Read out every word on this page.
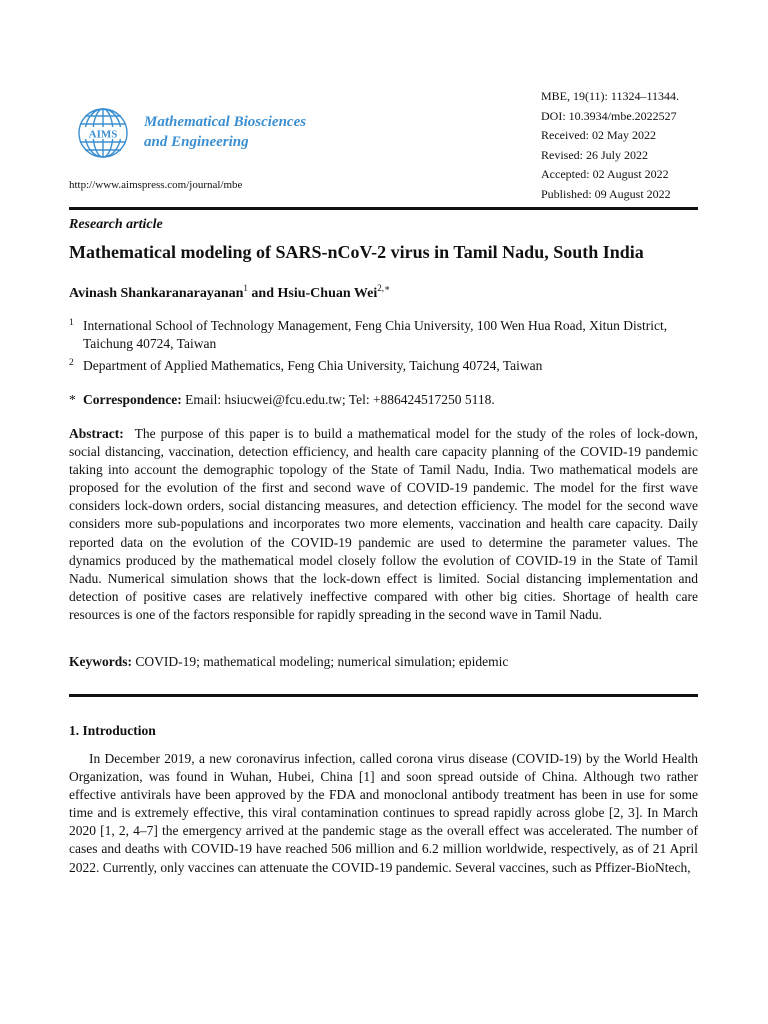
AIMS
Mathematical Biosciences
and Engineering
http://www.aimspress.com/journal/mbe
MBE, 19(11): 11324–11344.
DOI: 10.3934/mbe.2022527
Received: 02 May 2022
Revised: 26 July 2022
Accepted: 02 August 2022
Published: 09 August 2022
Research article
Mathematical modeling of SARS-nCoV-2 virus in Tamil Nadu, South India
Avinash Shankaranarayanan$^1$ and Hsiu-Chuan Wei$^{2,∗}$
1 International School of Technology Management, Feng Chia University, 100 Wen Hua Road, Xitun District, Taichung 40724, Taiwan
2 Department of Applied Mathematics, Feng Chia University, Taichung 40724, Taiwan
* Correspondence: Email: hsiucwei@fcu.edu.tw; Tel: +886424517250 5118.
Abstract: The purpose of this paper is to build a mathematical model for the study of the roles of lock-down, social distancing, vaccination, detection efficiency, and health care capacity planning of the COVID-19 pandemic taking into account the demographic topology of the State of Tamil Nadu, India. Two mathematical models are proposed for the evolution of the first and second wave of COVID-19 pandemic. The model for the first wave considers lock-down orders, social distancing measures, and detection efficiency. The model for the second wave considers more sub-populations and incorporates two more elements, vaccination and health care capacity. Daily reported data on the evolution of the COVID-19 pandemic are used to determine the parameter values. The dynamics produced by the mathematical model closely follow the evolution of COVID-19 in the State of Tamil Nadu. Numerical simulation shows that the lock-down effect is limited. Social distancing implementation and detection of positive cases are relatively ineffective compared with other big cities. Shortage of health care resources is one of the factors responsible for rapidly spreading in the second wave in Tamil Nadu.
Keywords: COVID-19; mathematical modeling; numerical simulation; epidemic
1. Introduction
In December 2019, a new coronavirus infection, called corona virus disease (COVID-19) by the World Health Organization, was found in Wuhan, Hubei, China [1] and soon spread outside of China. Although two rather effective antivirals have been approved by the FDA and monoclonal antibody treatment has been in use for some time and is extremely effective, this viral contamination continues to spread rapidly across globe [2, 3]. In March 2020 [1, 2, 4–7] the emergency arrived at the pandemic stage as the overall effect was accelerated. The number of cases and deaths with COVID-19 have reached 506 million and 6.2 million worldwide, respectively, as of 21 April 2022. Currently, only vaccines can attenuate the COVID-19 pandemic. Several vaccines, such as Pffizer-BioNtech,
